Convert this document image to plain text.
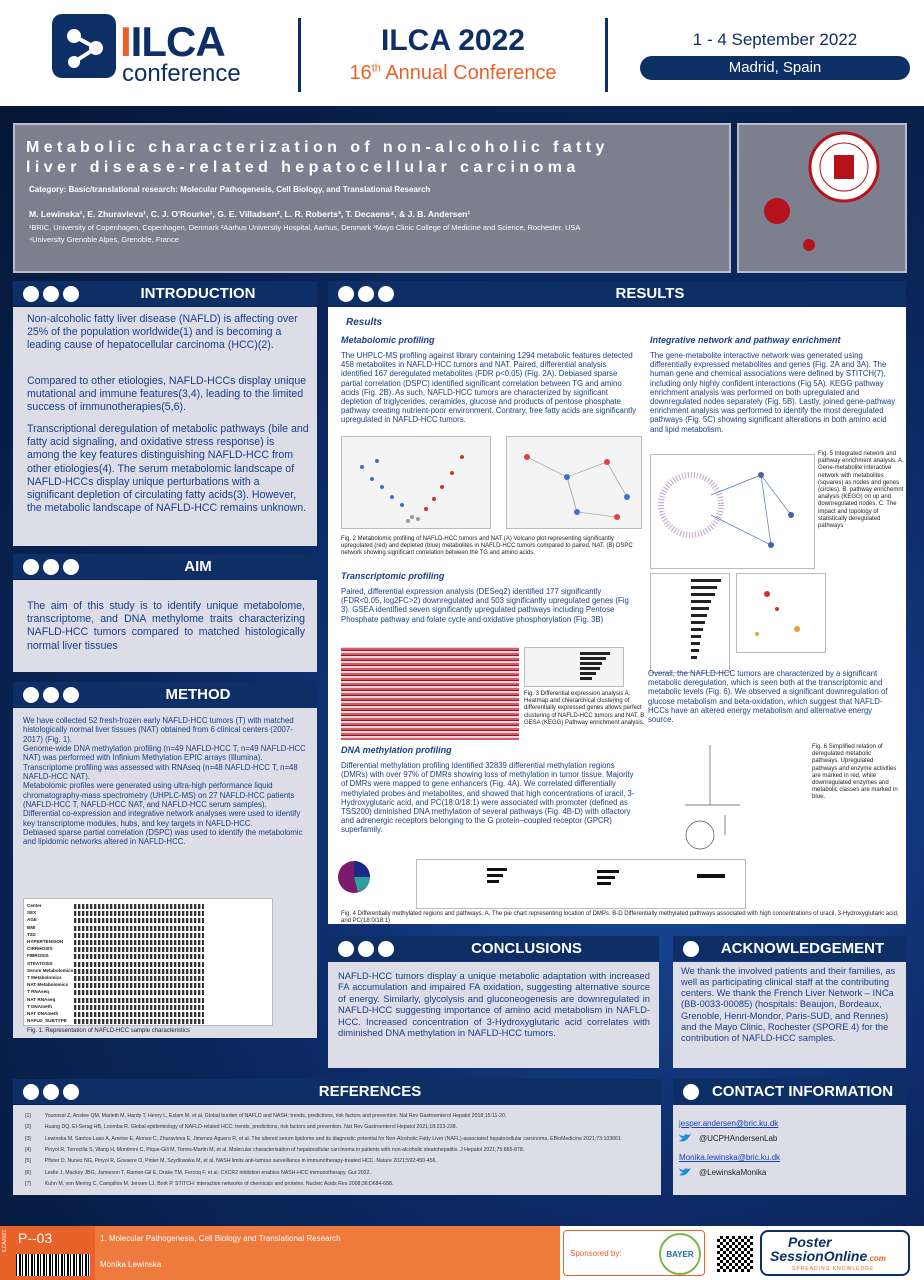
IILCA
conference
ILCA 2022
16th Annual Conference
1 - 4 September 2022
Madrid, Spain
Metabolic characterization of non-alcoholic fatty
liver disease-related hepatocellular carcinoma
Category: Basic/translational research: Molecular Pathogenesis, Cell Biology, and Translational Research
M. Lewinska¹, E. Zhuravleva¹, C. J. O'Rourke¹, G. E. Villadsen², L. R. Roberts³, T. Decaens⁴, & J. B. Andersen¹
¹BRIC, University of Copenhagen, Copenhagen, Denmark ²Aarhus University Hospital, Aarhus, Denmark ³Mayo Clinic College of Medicine and Science, Rochester, USA
⁴University Grenoble Alpes, Grenoble, France
INTRODUCTION
Non-alcoholic fatty liver disease (NAFLD) is affecting over 25% of the population worldwide(1) and is becoming a leading cause of hepatocellular carcinoma (HCC)(2).
Compared to other etiologies, NAFLD-HCCs display unique mutational and immune features(3,4), leading to the limited success of immunotherapies(5,6).
Transcriptional deregulation of metabolic pathways (bile and fatty acid signaling, and oxidative stress response) is among the key features distinguishing NAFLD-HCC from other etiologies(4). The serum metabolomic landscape of NAFLD-HCCs display unique perturbations with a significant depletion of circulating fatty acids(3). However, the metabolic landscape of NAFLD-HCC remains unknown.
AIM
The aim of this study is to identify unique metabolome, transcriptome, and DNA methylome traits characterizing NAFLD-HCC tumors compared to matched histologically normal liver tissues
METHOD
We have collected 52 fresh-frozen early NAFLD-HCC tumors (T) with matched histologically normal liver tissues (NAT) obtained from 6 clinical centers (2007-2017) (Fig. 1).
Genome-wide DNA methylation profiling (n=49 NAFLD-HCC T, n=49 NAFLD-HCC NAT) was performed with Infinium Methylation EPIC arrays (Illumina).
Transcriptome profiling was assessed with RNAseq (n=48 NAFLD-HCC T, n=48 NAFLD-HCC NAT).
Metabolomic profiles were generated using ultra-high performance liquid chromatography-mass spectrometry (UHPLC-MS) on 27 NAFLD-HCC patients (NAFLD-HCC T, NAFLD-HCC NAT, and NAFLD-HCC serum samples).
Differential co-expression and integrative network analyses were used to identify key transcriptome modules, hubs, and key targets in NAFLD-HCC.
Debiased sparse partial correlation (DSPC) was used to identify the metabolomic and lipidomic networks altered in NAFLD-HCC.
Center
SEX
AGE
BMI
T2D
HYPERTENSION
CIRRHOSIS
FIBROSIS
STEATOSIS
Serum Metabolomics
T Metabolomics
NAT Metabolomics
T RNAseq
NAT RNAseq
T DNAmeth
NAT DNAmeth
NAFLD_SUBTYPE
Fig. 1. Representation of NAFLD-HCC sample characteristics
RESULTS
Results
Metabolomic profiling
The UHPLC-MS profiling against library containing 1294 metabolic features detected 458 metabolites in NAFLD-HCC tumors and NAT. Paired, differential analysis identified 167 deregulated metabolites (FDR p<0.05) (Fig. 2A). Debiased sparse partial correlation (DSPC) identified significant correlation between TG and amino acids (Fig. 2B). As such, NAFLD-HCC tumors are characterized by significant depletion of triglycerides, ceramides, glucose and products of pentose phosphate pathway creating nutrient-poor environment. Contrary, free fatty acids are significantly upregulated in NAFLD-HCC tumors.
Fig. 2 Metabolomic profiling of NAFLD-HCC tumors and NAT (A) Volcano plot representing significantly upregulated (red) and depleted (blue) metabolites in NAFLD-HCC tumors compared to paired, NAT. (B) DSPC network showing significant correlation between the TG and amino acids.
Transcriptomic profiling
Paired, differential expression analysis (DESeq2) identified 177 significantly (FDR<0.05, log2FC>2) downregulated and 503 significantly upregulated genes (Fig 3). GSEA identified seven significantly upregulated pathways including Pentose Phosphate pathway and folate cycle and oxidative phosphorylation (Fig. 3B)
Fig. 3 Differential expression analysis A. Heatmap and chierarchical clustering of differentially expressed genes allows perfect clustering of NAFLD-HCC tumors and NAT. B. GESA (KEGG) Pathway enrichment analysis.
DNA methylation profiling
Differential methylation profiling identified 32839 differential methylation regions (DMRs) with over 97% of DMRs showing loss of methylation in tumor tissue. Majority of DMRs were mapped to gene enhancers (Fig. 4A). We correlated differentially methylated probes and metabolites, and showed that high concentrations of uracil, 3-Hydroxyglutaric acid, and PC(18:0/18:1) were associated with promoter (defined as TSS200) diminished DNA methylation of several pathways (Fig. 4B-D) with olfactory and adrenergic receptors belonging to the G protein–coupled receptor (GPCR) superfamily.
Fig. 4 Differentially methylated regions and pathways. A. The pie chart representing location of DMPs. B-D Differentially methylated pathways associated with high concentrations of uracil, 3-Hydroxyglutaric acid, and PC(18:0/18:1)
Integrative network and pathway enrichment
The gene-metabolite interactive network was generated using differentially expressed metabolites and genes (Fig. 2A and 3A). The human gene and chemical associations were defined by STITCH(7), including only highly confident interactions (Fig 5A). KEGG pathway enrichment analysis was performed on both upregulated and downregulated nodes separately (Fig. 5B). Lastly, joined gene-pathway enrichment analysis was performed to identify the most deregulated pathways (Fig. 5C) showing significant alterations in both amino acid and lipid metabolism.
Fig. 5 Integrated network and pathway enrichment analysis. A. Gene-metabolite interactive network with metabolites (squares) as nodes and genes (circles). B. pathway enrichemnt analysis (KEGG) on up and downregulated nodes. C. The impact and topology of statistically deregulated pathways
Overall, the NAFLD-HCC tumors are characterized by a significant metabolic deregulation, which is seen both at the transcriptomic and metabolic levels (Fig. 6). We observed a significant downregulation of glucose metabolism and beta-oxidation, which suggest that NAFLD-HCCs have an altered energy metabolism and alternative energy source.
Fig. 6 Simplified relation of deregulated metabolic pathways. Upregulated pathways and enzyme activities are marked in red, while downregulated enzymes and metabolic classes are marked in blue.
CONCLUSIONS
NAFLD-HCC tumors display a unique metabolic adaptation with increased FA accumulation and impaired FA oxidation, suggesting alternative source of energy. Similarly, glycolysis and gluconeogenesis are downregulated in NAFLD-HCC suggesting importance of amino acid metabolism in NAFLD-HCC. Increased concentration of 3-Hydroxyglutaric acid correlates with diminished DNA methylation in NAFLD-HCC tumors.
ACKNOWLEDGEMENT
We thank the involved patients and their families, as well as participating clinical staff at the contributing centers. We thank the French Liver Network – INCa (BB-0033-00085) (hospitals: Beaujon, Bordeaux, Grenoble, Henri-Mondor, Paris-SUD, and Rennes) and the Mayo Clinic, Rochester (SPORE 4) for the contribution of NAFLD-HCC samples.
REFERENCES
[1]	Younossi Z, Anstee QM, Marietti M, Hardy T, Henry L, Eslam M, et al. Global burden of NAFLD and NASH: trends, predictions, risk factors and prevention. Nat Rev Gastroenterol Hepatol 2018;15:11-20.
[2]	Huang DQ, El-Serag HB, Loomba R. Global epidemiology of NAFLD-related HCC: trends, predictions, risk factors and prevention. Nat Rev Gastroenterol Hepatol 2021;18:223-238.
[3]	Lewinska M, Santos-Laso A, Arretxe E, Alonso C, Zhuravleva E, Jimenez-Aguero R, et al. The altered serum lipidome and its diagnostic potential for Non-Alcoholic Fatty Liver (NAFL)-associated hepatocellular carcinoma. EBioMedicine 2021;73:103661.
[4]	Pinyol R, Torrecilla S, Wang H, Montironi C, Pique-Gili M, Torres-Martin M, et al. Molecular characterisation of hepatocellular carcinoma in patients with non-alcoholic steatohepatitis. J Hepatol 2021;75:865-878.
[5]	Pfister D, Nunez NG, Pinyol R, Govaere O, Pinter M, Szydlowska M, et al. NASH limits anti-tumour surveillance in immunotherapy-treated HCC. Nature 2021;592:450-456.
[6]	Leslie J, Mackey JBG, Jamieson T, Ramon-Gil E, Drake TM, Fercoq F, et al. CXCR2 inhibition enables NASH-HCC immunotherapy. Gut 2022.
[7]	Kuhn M, von Mering C, Campillos M, Jensen LJ, Bork P. STITCH: interaction networks of chemicals and proteins. Nucleic Acids Res 2008;36:D684-688.
CONTACT INFORMATION
jesper.andersen@bric.ku.dk
@UCPHAndersenLab
Monika.lewinska@bric.ku.dk
@LewinskaMonika
ILCA2022 P--03	1. Molecular Pathogenesis, Cell Biology and Translational Research
Monika Lewinska
Sponsored by:	BAYER
Poster
SessionOnline.com
SPREADING KNOWLEDGE
